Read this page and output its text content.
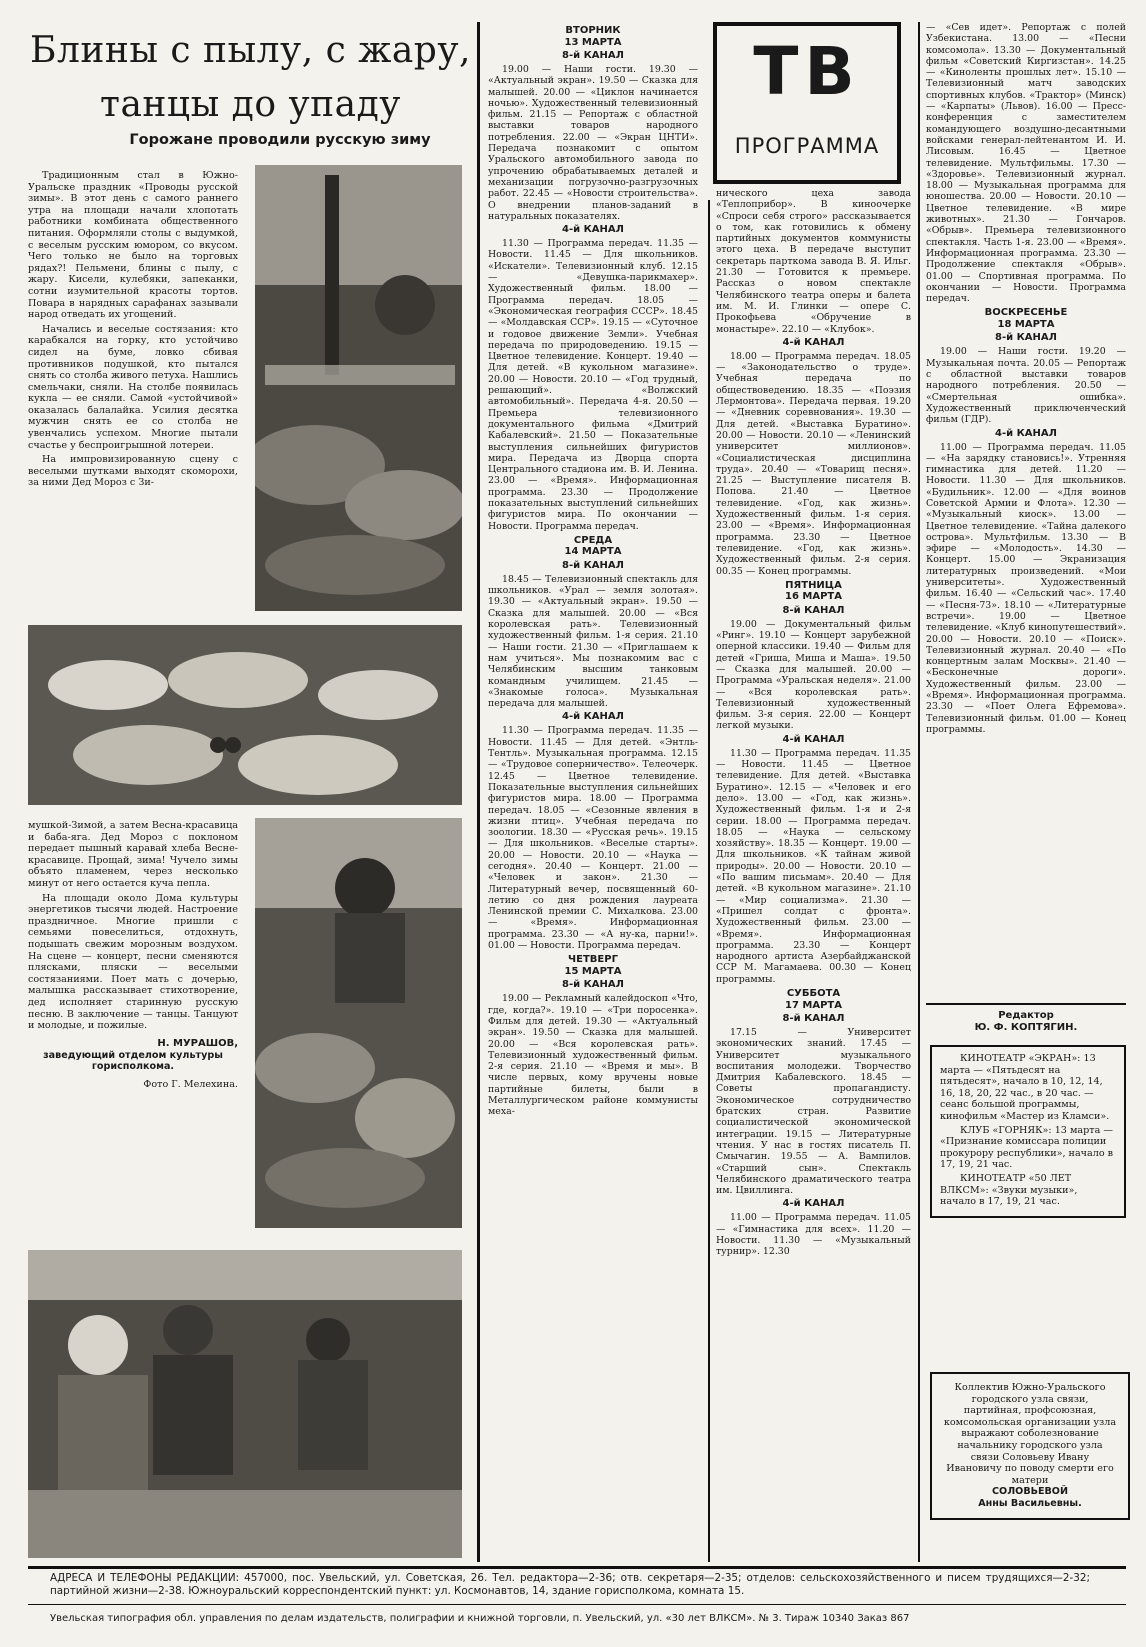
Блины с пылу, с жару, танцы до упаду
Горожане проводили русскую зиму

Традиционным стал в Южно-Уральске праздник «Проводы русской зимы». В этот день с самого раннего утра на площади начали хлопотать работники комбината общественного питания. Оформляли столы с выдумкой, с веселым русским юмором, со вкусом. Чего только не было на торговых рядах?! Пельмени, блины с пылу, с жару. Кисели, кулебяки, запеканки, сотни изумительной красоты тортов. Повара в нарядных сарафанах зазывали народ отведать их угощений.

Начались и веселые состязания: кто карабкался на горку, кто устойчиво сидел на буме, ловко сбивая противников подушкой, кто пытался снять со столба живого петуха. Нашлись смельчаки, сняли. На столбе появилась кукла — ее сняли. Самой «устойчивой» оказалась балалайка. Усилия десятка мужчин снять ее со столба не увенчались успехом. Многие пытали счастье у беспроигрышной лотереи.

На импровизированную сцену с веселыми шутками выходят скоморохи, за ними Дед Мороз с Зи-

мушкой-Зимой, а затем Весна-красавица и баба-яга. Дед Мороз с поклоном передает пышный каравай хлеба Весне-красавице. Прощай, зима! Чучело зимы объято пламенем, через несколько минут от него остается куча пепла.

На площади около Дома культуры энергетиков тысячи людей. Настроение праздничное. Многие пришли с семьями повеселиться, отдохнуть, подышать свежим морозным воздухом. На сцене — концерт, песни сменяются плясками, пляски — веселыми состязаниями. Поет мать с дочерью, малышка рассказывает стихотворение, дед исполняет старинную русскую песню. В заключение — танцы. Танцуют и молодые, и пожилые.

Н. МУРАШОВ,
заведующий отделом культуры горисполкома.
Фото Г. Мелехина.
ТВ
ПРОГРАММА
ВТОРНИК
13 МАРТА
8-й КАНАЛ

19.00 — Наши гости. 19.30 — «Актуальный экран». 19.50 — Сказка для малышей. 20.00 — «Циклон начинается ночью». Художественный телевизионный фильм. 21.15 — Репортаж с областной выставки товаров народного потребления. 22.00 — «Экран ЦНТИ». Передача познакомит с опытом Уральского автомобильного завода по упрочению обрабатываемых деталей и механизации погрузочно-разгрузочных работ. 22.45 — «Новости строительства». О внедрении планов-заданий в натуральных показателях.

4-й КАНАЛ

11.30 — Программа передач. 11.35 — Новости. 11.45 — Для школьников. «Искатели». Телевизионный клуб. 12.15 — «Девушка-парикмахер». Художественный фильм. 18.00 — Программа передач. 18.05 — «Экономическая география СССР». 18.45 — «Молдавская ССР». 19.15 — «Суточное и годовое движение Земли». Учебная передача по природоведению. 19.15 — Цветное телевидение. Концерт. 19.40 — Для детей. «В кукольном магазине». 20.00 — Новости. 20.10 — «Год трудный, решающий». «Волжский автомобильный». Передача 4-я. 20.50 — Премьера телевизионного документального фильма «Дмитрий Кабалевский». 21.50 — Показательные выступления сильнейших фигуристов мира. Передача из Дворца спорта Центрального стадиона им. В. И. Ленина. 23.00 — «Время». Информационная программа. 23.30 — Продолжение показательных выступлений сильнейших фигуристов мира. По окончании — Новости. Программа передач.

СРЕДА
14 МАРТА
8-й КАНАЛ

18.45 — Телевизионный спектакль для школьников. «Урал — земля золотая». 19.30 — «Актуальный экран». 19.50 — Сказка для малышей. 20.00 — «Вся королевская рать». Телевизионный художественный фильм. 1-я серия. 21.10 — Наши гости. 21.30 — «Приглашаем к нам учиться». Мы познакомим вас с Челябинским высшим танковым командным училищем. 21.45 — «Знакомые голоса». Музыкальная передача для малышей.

4-й КАНАЛ

11.30 — Программа передач. 11.35 — Новости. 11.45 — Для детей. «Энтль-Тентль». Музыкальная программа. 12.15 — «Трудовое соперничество». Телеочерк. 12.45 — Цветное телевидение. Показательные выступления сильнейших фигуристов мира. 18.00 — Программа передач. 18.05 — «Сезонные явления в жизни птиц». Учебная передача по зоологии. 18.30 — «Русская речь». 19.15 — Для школьников. «Веселые старты». 20.00 — Новости. 20.10 — «Наука — сегодня». 20.40 — Концерт. 21.00 — «Человек и закон». 21.30 — Литературный вечер, посвященный 60-летию со дня рождения лауреата Ленинской премии С. Михалкова. 23.00 — «Время». Информационная программа. 23.30 — «А ну-ка, парни!». 01.00 — Новости. Программа передач.

ЧЕТВЕРГ
15 МАРТА
8-й КАНАЛ

19.00 — Рекламный калейдоскоп «Что, где, когда?». 19.10 — «Три поросенка». Фильм для детей. 19.30 — «Актуальный экран». 19.50 — Сказка для малышей. 20.00 — «Вся королевская рать». Телевизионный художественный фильм. 2-я серия. 21.10 — «Время и мы». В числе первых, кому вручены новые партийные билеты, были в Металлургическом районе коммунисты меха-

нического цеха завода «Теплоприбор». В киноочерке «Спроси себя строго» рассказывается о том, как готовились к обмену партийных документов коммунисты этого цеха. В передаче выступит секретарь парткома завода В. Я. Ильг. 21.30 — Готовится к премьере. Рассказ о новом спектакле Челябинского театра оперы и балета им. М. И. Глинки — опере С. Прокофьева «Обручение в монастыре». 22.10 — «Клубок».

4-й КАНАЛ

18.00 — Программа передач. 18.05 — «Законодательство о труде». Учебная передача по обществоведению. 18.35 — «Поэзия Лермонтова». Передача первая. 19.20 — «Дневник соревнования». 19.30 — Для детей. «Выставка Буратино». 20.00 — Новости. 20.10 — «Ленинский университет миллионов». «Социалистическая дисциплина труда». 20.40 — «Товарищ песня». 21.25 — Выступление писателя В. Попова. 21.40 — Цветное телевидение. «Год, как жизнь». Художественный фильм. 1-я серия. 23.00 — «Время». Информационная программа. 23.30 — Цветное телевидение. «Год, как жизнь». Художественный фильм. 2-я серия. 00.35 — Конец программы.

ПЯТНИЦА
16 МАРТА
8-й КАНАЛ

19.00 — Документальный фильм «Ринг». 19.10 — Концерт зарубежной оперной классики. 19.40 — Фильм для детей «Гриша, Миша и Маша». 19.50 — Сказка для малышей. 20.00 — Программа «Уральская неделя». 21.00 — «Вся королевская рать». Телевизионный художественный фильм. 3-я серия. 22.00 — Концерт легкой музыки.

4-й КАНАЛ

11.30 — Программа передач. 11.35 — Новости. 11.45 — Цветное телевидение. Для детей. «Выставка Буратино». 12.15 — «Человек и его дело». 13.00 — «Год, как жизнь». Художественный фильм. 1-я и 2-я серии. 18.00 — Программа передач. 18.05 — «Наука — сельскому хозяйству». 18.35 — Концерт. 19.00 — Для школьников. «К тайнам живой природы». 20.00 — Новости. 20.10 — «По вашим письмам». 20.40 — Для детей. «В кукольном магазине». 21.10 — «Мир социализма». 21.30 — «Пришел солдат с фронта». Художественный фильм. 23.00 — «Время». Информационная программа. 23.30 — Концерт народного артиста Азербайджанской ССР М. Магамаева. 00.30 — Конец программы.

СУББОТА
17 МАРТА
8-й КАНАЛ

17.15 — Университет экономических знаний. 17.45 — Университет музыкального воспитания молодежи. Творчество Дмитрия Кабалевского. 18.45 — Советы пропагандисту. Экономическое сотрудничество братских стран. Развитие социалистической экономической интеграции. 19.15 — Литературные чтения. У нас в гостях писатель П. Смычагин. 19.55 — А. Вампилов. «Старший сын». Спектакль Челябинского драматического театра им. Цвиллинга.

4-й КАНАЛ

11.00 — Программа передач. 11.05 — «Гимнастика для всех». 11.20 — Новости. 11.30 — «Музыкальный турнир». 12.30

— «Сев идет». Репортаж с полей Узбекистана. 13.00 — «Песни комсомола». 13.30 — Документальный фильм «Советский Киргизстан». 14.25 — «Киноленты прошлых лет». 15.10 — Телевизионный матч заводских спортивных клубов. «Трактор» (Минск) — «Карпаты» (Львов). 16.00 — Пресс-конференция с заместителем командующего воздушно-десантными войсками генерал-лейтенантом И. И. Лисовым. 16.45 — Цветное телевидение. Мультфильмы. 17.30 — «Здоровье». Телевизионный журнал. 18.00 — Музыкальная программа для юношества. 20.00 — Новости. 20.10 — Цветное телевидение. «В мире животных». 21.30 — Гончаров. «Обрыв». Премьера телевизионного спектакля. Часть 1-я. 23.00 — «Время». Информационная программа. 23.30 — Продолжение спектакля «Обрыв». 01.00 — Спортивная программа. По окончании — Новости. Программа передач.

ВОСКРЕСЕНЬЕ
18 МАРТА
8-й КАНАЛ

19.00 — Наши гости. 19.20 — Музыкальная почта. 20.05 — Репортаж с областной выставки товаров народного потребления. 20.50 — «Смертельная ошибка». Художественный приключенческий фильм (ГДР).

4-й КАНАЛ

11.00 — Программа передач. 11.05 — «На зарядку становись!». Утренняя гимнастика для детей. 11.20 — Новости. 11.30 — Для школьников. «Будильник». 12.00 — «Для воинов Советской Армии и Флота». 12.30 — «Музыкальный киоск». 13.00 — Цветное телевидение. «Тайна далекого острова». Мультфильм. 13.30 — В эфире — «Молодость». 14.30 — Концерт. 15.00 — Экранизация литературных произведений. «Мои университеты». Художественный фильм. 16.40 — «Сельский час». 17.40 — «Песня-73». 18.10 — «Литературные встречи». 19.00 — Цветное телевидение. «Клуб кинопутешествий». 20.00 — Новости. 20.10 — «Поиск». Телевизионный журнал. 20.40 — «По концертным залам Москвы». 21.40 — «Бесконечные дороги». Художественный фильм. 23.00 — «Время». Информационная программа. 23.30 — «Поет Олега Ефремова». Телевизионный фильм. 01.00 — Конец программы.

Редактор
Ю. Ф. КОПТЯГИН.

КИНОТЕАТР «ЭКРАН»: 13 марта — «Пятьдесят на пятьдесят», начало в 10, 12, 14, 16, 18, 20, 22 час., в 20 час. — сеанс большой программы, кинофильм «Мастер из Кламси».

КЛУБ «ГОРНЯК»: 13 марта — «Признание комиссара полиции прокурору республики», начало в 17, 19, 21 час.

КИНОТЕАТР «50 ЛЕТ ВЛКСМ»: «Звуки музыки», начало в 17, 19, 21 час.

Коллектив Южно-Уральского городского узла связи, партийная, профсоюзная, комсомольская организации узла выражают соболезнование начальнику городского узла связи Соловьеву Ивану Ивановичу по поводу смерти его матери
СОЛОВЬЕВОЙ
Анны Васильевны.
АДРЕСА И ТЕЛЕФОНЫ РЕДАКЦИИ: 457000, пос. Увельский, ул. Советская, 26. Тел. редактора—2-36; отв. секретаря—2-35; отделов: сельскохозяйственного и писем трудящихся—2-32; партийной жизни—2-38. Южноуральский корреспондентский пункт: ул. Космонавтов, 14, здание горисполкома, комната 15.
Увельская типография обл. управления по делам издательств, полиграфии и книжной торговли, п. Увельский, ул. «30 лет ВЛКСМ». № 3. Тираж 10340 Заказ 867
